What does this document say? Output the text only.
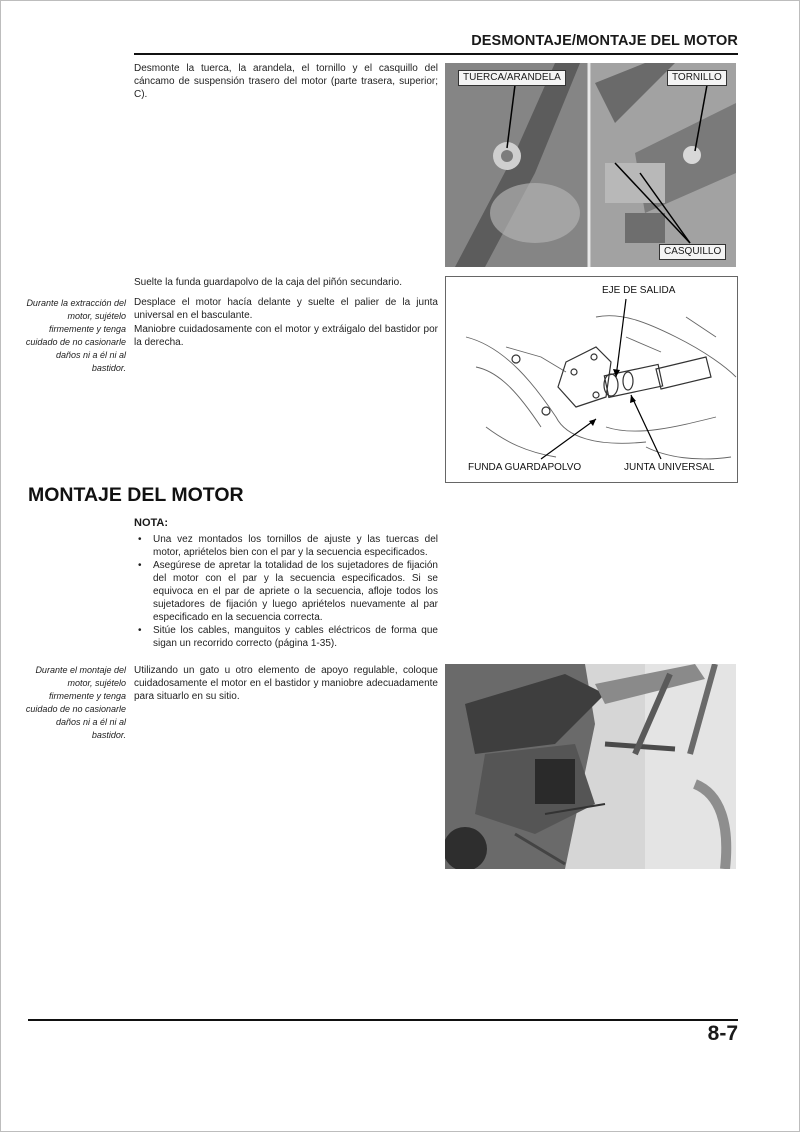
DESMONTAJE/MONTAJE DEL MOTOR
Desmonte la tuerca, la arandela, el tornillo y el casquillo del cáncamo de suspensión trasero del motor (parte trasera, superior; C).
TUERCA/ARANDELA	TORNILLO
CASQUILLO
Suelte la funda guardapolvo de la caja del piñón secundario.
Desplace el motor hacía delante y suelte el palier de la junta universal en el basculante.
Maniobre cuidadosamente con el motor y extráigalo del bastidor por la derecha.
Durante la extracción del motor, sujételo firmemente y tenga cuidado de no casionarle daños ni a él ni al bastidor.
EJE DE SALIDA
FUNDA GUARDAPOLVO	JUNTA UNIVERSAL
MONTAJE DEL MOTOR
NOTA:
• Una vez montados los tornillos de ajuste y las tuercas del motor, apriételos bien con el par y la secuencia especificados.
• Asegúrese de apretar la totalidad de los sujetadores de fijación del motor con el par y la secuencia especificados. Si se equivoca en el par de apriete o la secuencia, afloje todos los sujetadores de fijación y luego apriételos nuevamente al par especificado en la secuencia correcta.
• Sitúe los cables, manguitos y cables eléctricos de forma que sigan un recorrido correcto (página 1-35).
Utilizando un gato u otro elemento de apoyo regulable, coloque cuidadosamente el motor en el bastidor y maniobre adecuadamente para situarlo en su sitio.
Durante el montaje del motor, sujételo firmemente y tenga cuidado de no casionarle daños ni a él ni al bastidor.
8-7
